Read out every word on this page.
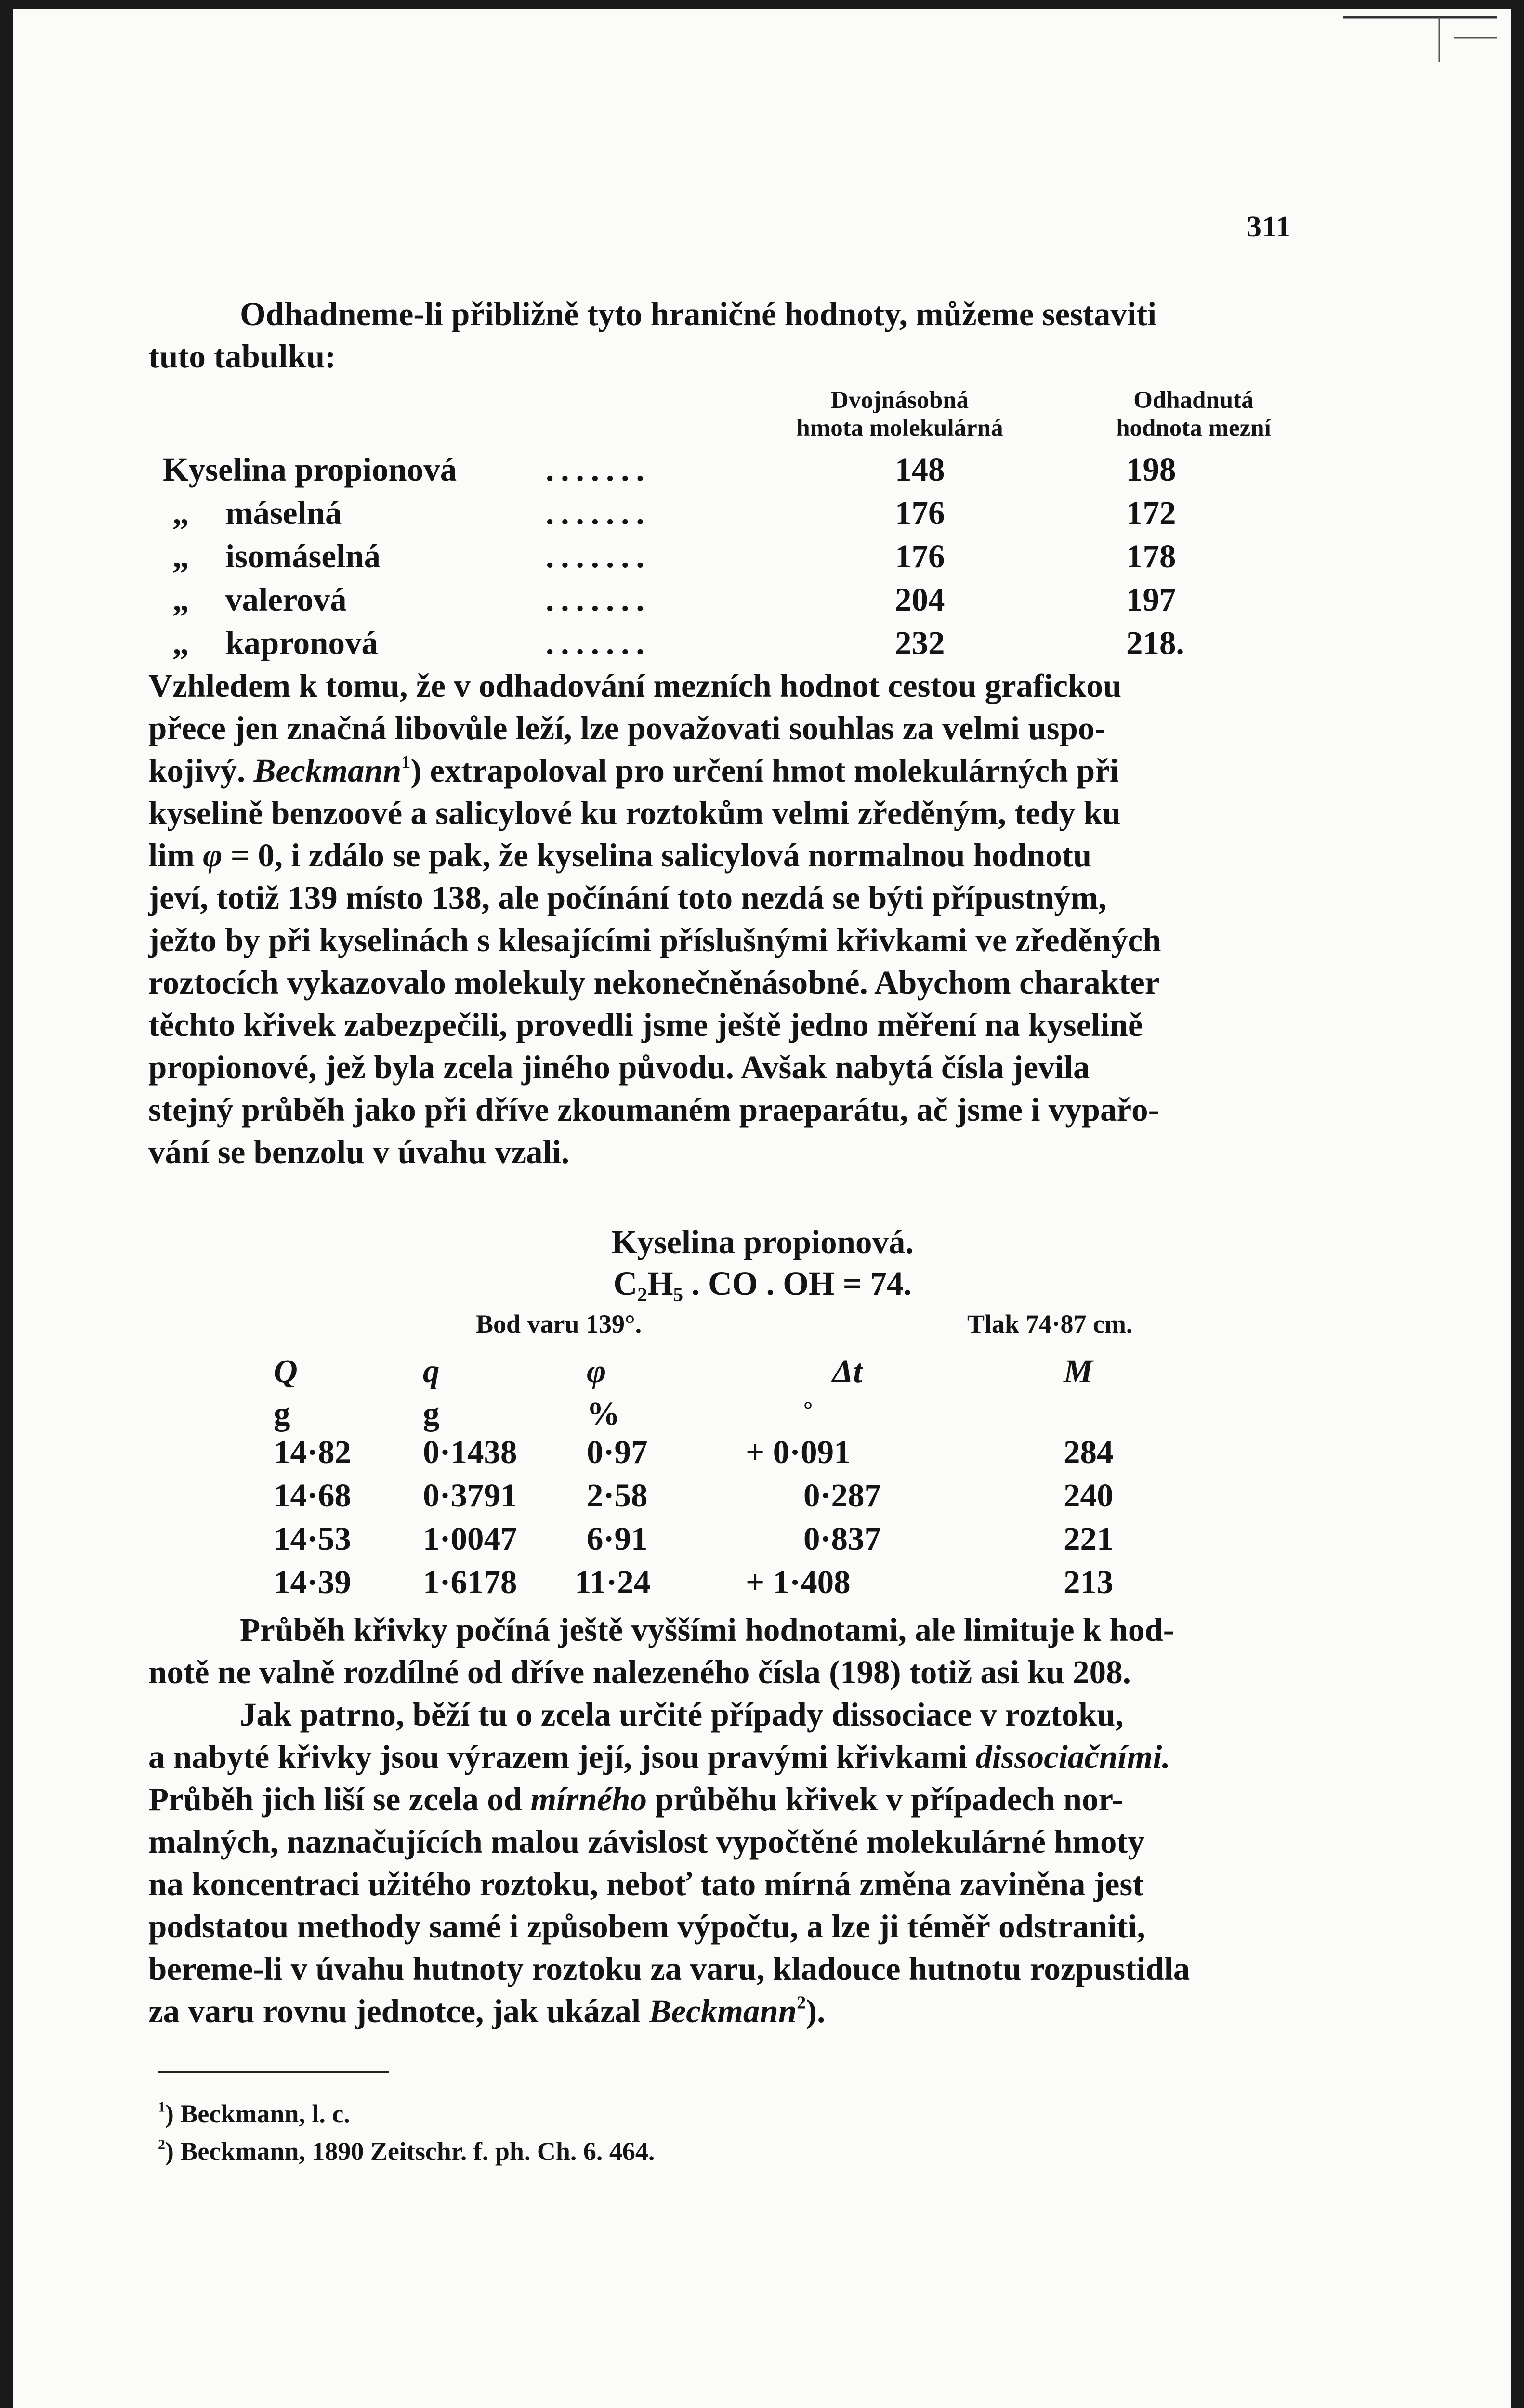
311
Odhadneme-li přibližně tyto hraničné hodnoty, můžeme sestaviti
tuto tabulku:
Dvojnásobná
hmota molekulárná
Odhadnutá
hodnota mezní
Kyselina propionová	.......	148	198
„ máselná	.......	176	172
„ isomáselná	.......	176	178
„ valerová	.......	204	197
„ kapronová	.......	232	218.
Vzhledem k tomu, že v odhadování mezních hodnot cestou grafickou
přece jen značná libovůle leží, lze považovati souhlas za velmi uspo-
kojivý. Beckmann$^1$) extrapoloval pro určení hmot molekulárných při
kyselině benzoové a salicylové ku roztokům velmi zředěným, tedy ku
lim φ = 0, i zdálo se pak, že kyselina salicylová normalnou hodnotu
jeví, totiž 139 místo 138, ale počínání toto nezdá se býti přípustným,
ježto by při kyselinách s klesajícími příslušnými křivkami ve zředěných
roztocích vykazovalo molekuly nekonečněnásobné. Abychom charakter
těchto křivek zabezpečili, provedli jsme ještě jedno měření na kyselině
propionové, jež byla zcela jiného původu. Avšak nabytá čísla jevila
stejný průběh jako při dříve zkoumaném praeparátu, ač jsme i vypařo-
vání se benzolu v úvahu vzali.
Kyselina propionová.
C₂H₅ . CO . OH = 74.
Bod varu 139°.	Tlak 74·87 cm.
Q	q	φ	Δt	M
g	g	%	°
14·82 0·1438 0·97	+ 0·091	284
14·68 0·3791 2·58	0·287	240
14·53 1·0047 6·91	0·837	221
14·39 1·6178 11·24	+ 1·408	213
Průběh křivky počíná ještě vyššími hodnotami, ale limituje k hod-
notě ne valně rozdílné od dříve nalezeného čísla (198) totiž asi ku 208.
Jak patrno, běží tu o zcela určité případy dissociace v roztoku,
a nabyté křivky jsou výrazem její, jsou pravými křivkami dissociačními.
Průběh jich liší se zcela od mírného průběhu křivek v případech nor-
malných, naznačujících malou závislost vypočtěné molekulárné hmoty
na koncentraci užitého roztoku, neboť tato mírná změna zaviněna jest
podstatou methody samé i způsobem výpočtu, a lze ji téměř odstraniti,
bereme-li v úvahu hutnoty roztoku za varu, kladouce hutnotu rozpustidla
za varu rovnu jednotce, jak ukázal Beckmann$^2$).
$^1$) Beckmann, l. c.
$^2$) Beckmann, 1890 Zeitschr. f. ph. Ch. 6. 464.
